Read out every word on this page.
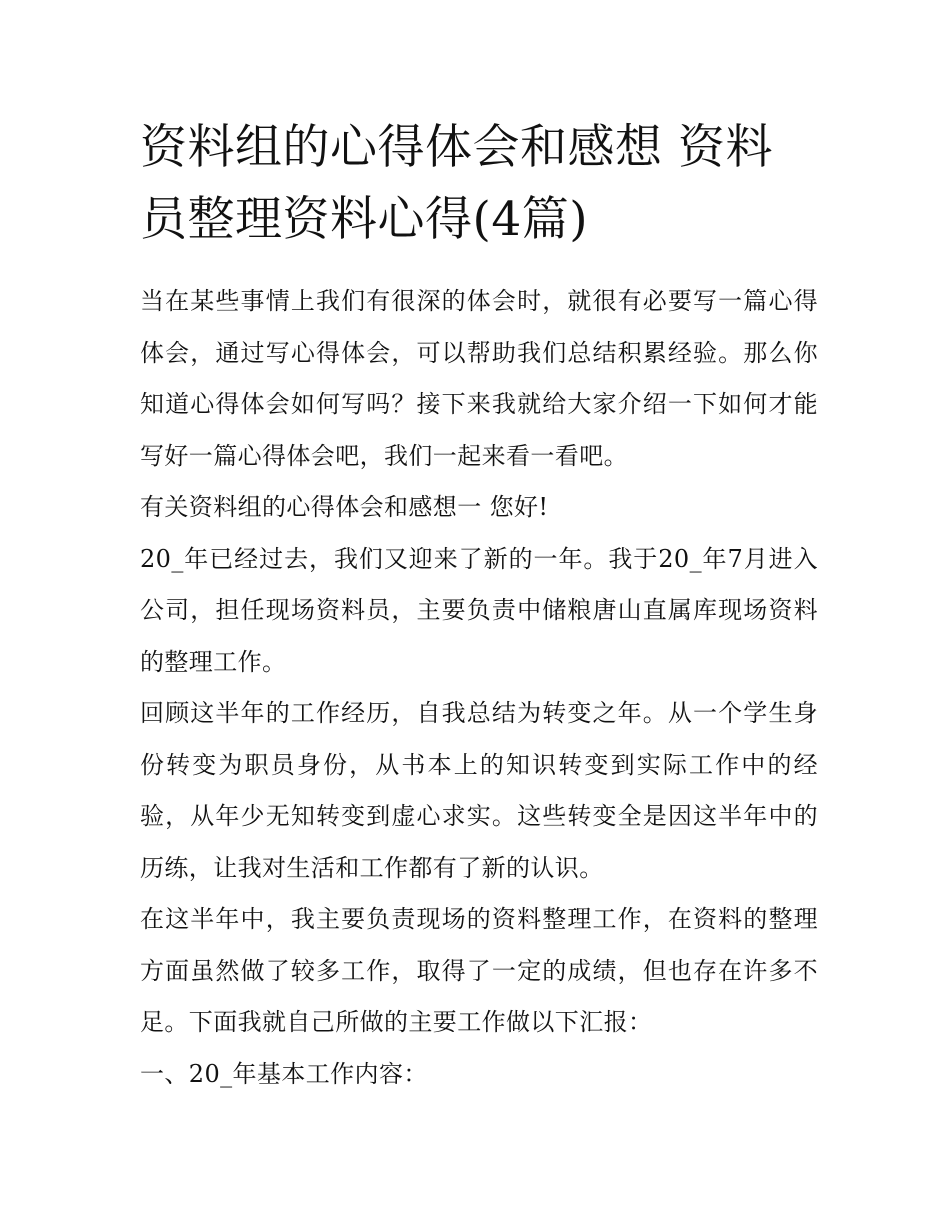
资料组的心得体会和感想 资料员整理资料心得(4篇)

当在某些事情上我们有很深的体会时，就很有必要写一篇心得体会，通过写心得体会，可以帮助我们总结积累经验。那么你知道心得体会如何写吗？接下来我就给大家介绍一下如何才能写好一篇心得体会吧，我们一起来看一看吧。

有关资料组的心得体会和感想一 您好!

20_年已经过去，我们又迎来了新的一年。我于20_年7月进入公司，担任现场资料员，主要负责中储粮唐山直属库现场资料的整理工作。

回顾这半年的工作经历，自我总结为转变之年。从一个学生身份转变为职员身份，从书本上的知识转变到实际工作中的经验，从年少无知转变到虚心求实。这些转变全是因这半年中的历练，让我对生活和工作都有了新的认识。

在这半年中，我主要负责现场的资料整理工作，在资料的整理方面虽然做了较多工作，取得了一定的成绩，但也存在许多不足。下面我就自己所做的主要工作做以下汇报：

一、20_年基本工作内容：
